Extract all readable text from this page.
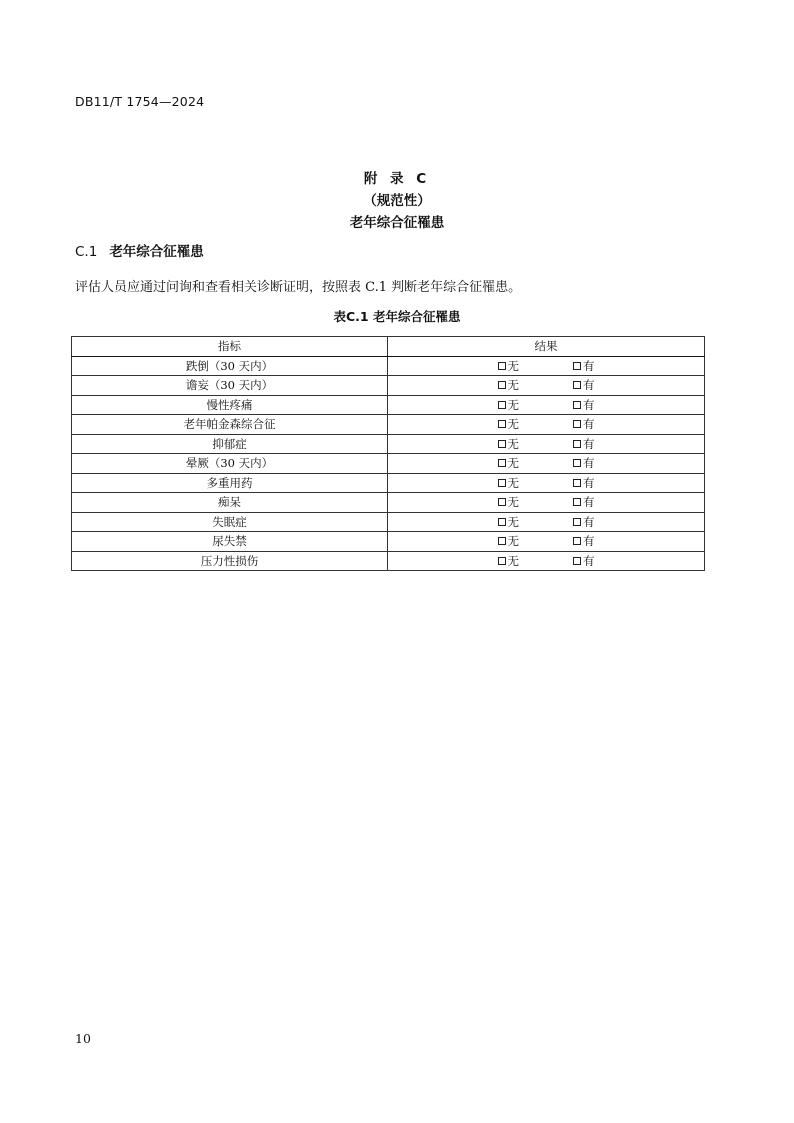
DB11/T 1754—2024
附 录 C
（规范性）
老年综合征罹患
C.1 老年综合征罹患
评估人员应通过问询和查看相关诊断证明，按照表 C.1 判断老年综合征罹患。
表C.1 老年综合征罹患
指标	结果
跌倒（30 天内）	无 有

谵妄（30 天内）	无 有

慢性疼痛	无 有

老年帕金森综合征	无 有

抑郁症	无 有

晕厥（30 天内）	无 有

多重用药	无 有

痴呆	无 有

失眠症	无 有

尿失禁	无 有

压力性损伤	无 有
10
